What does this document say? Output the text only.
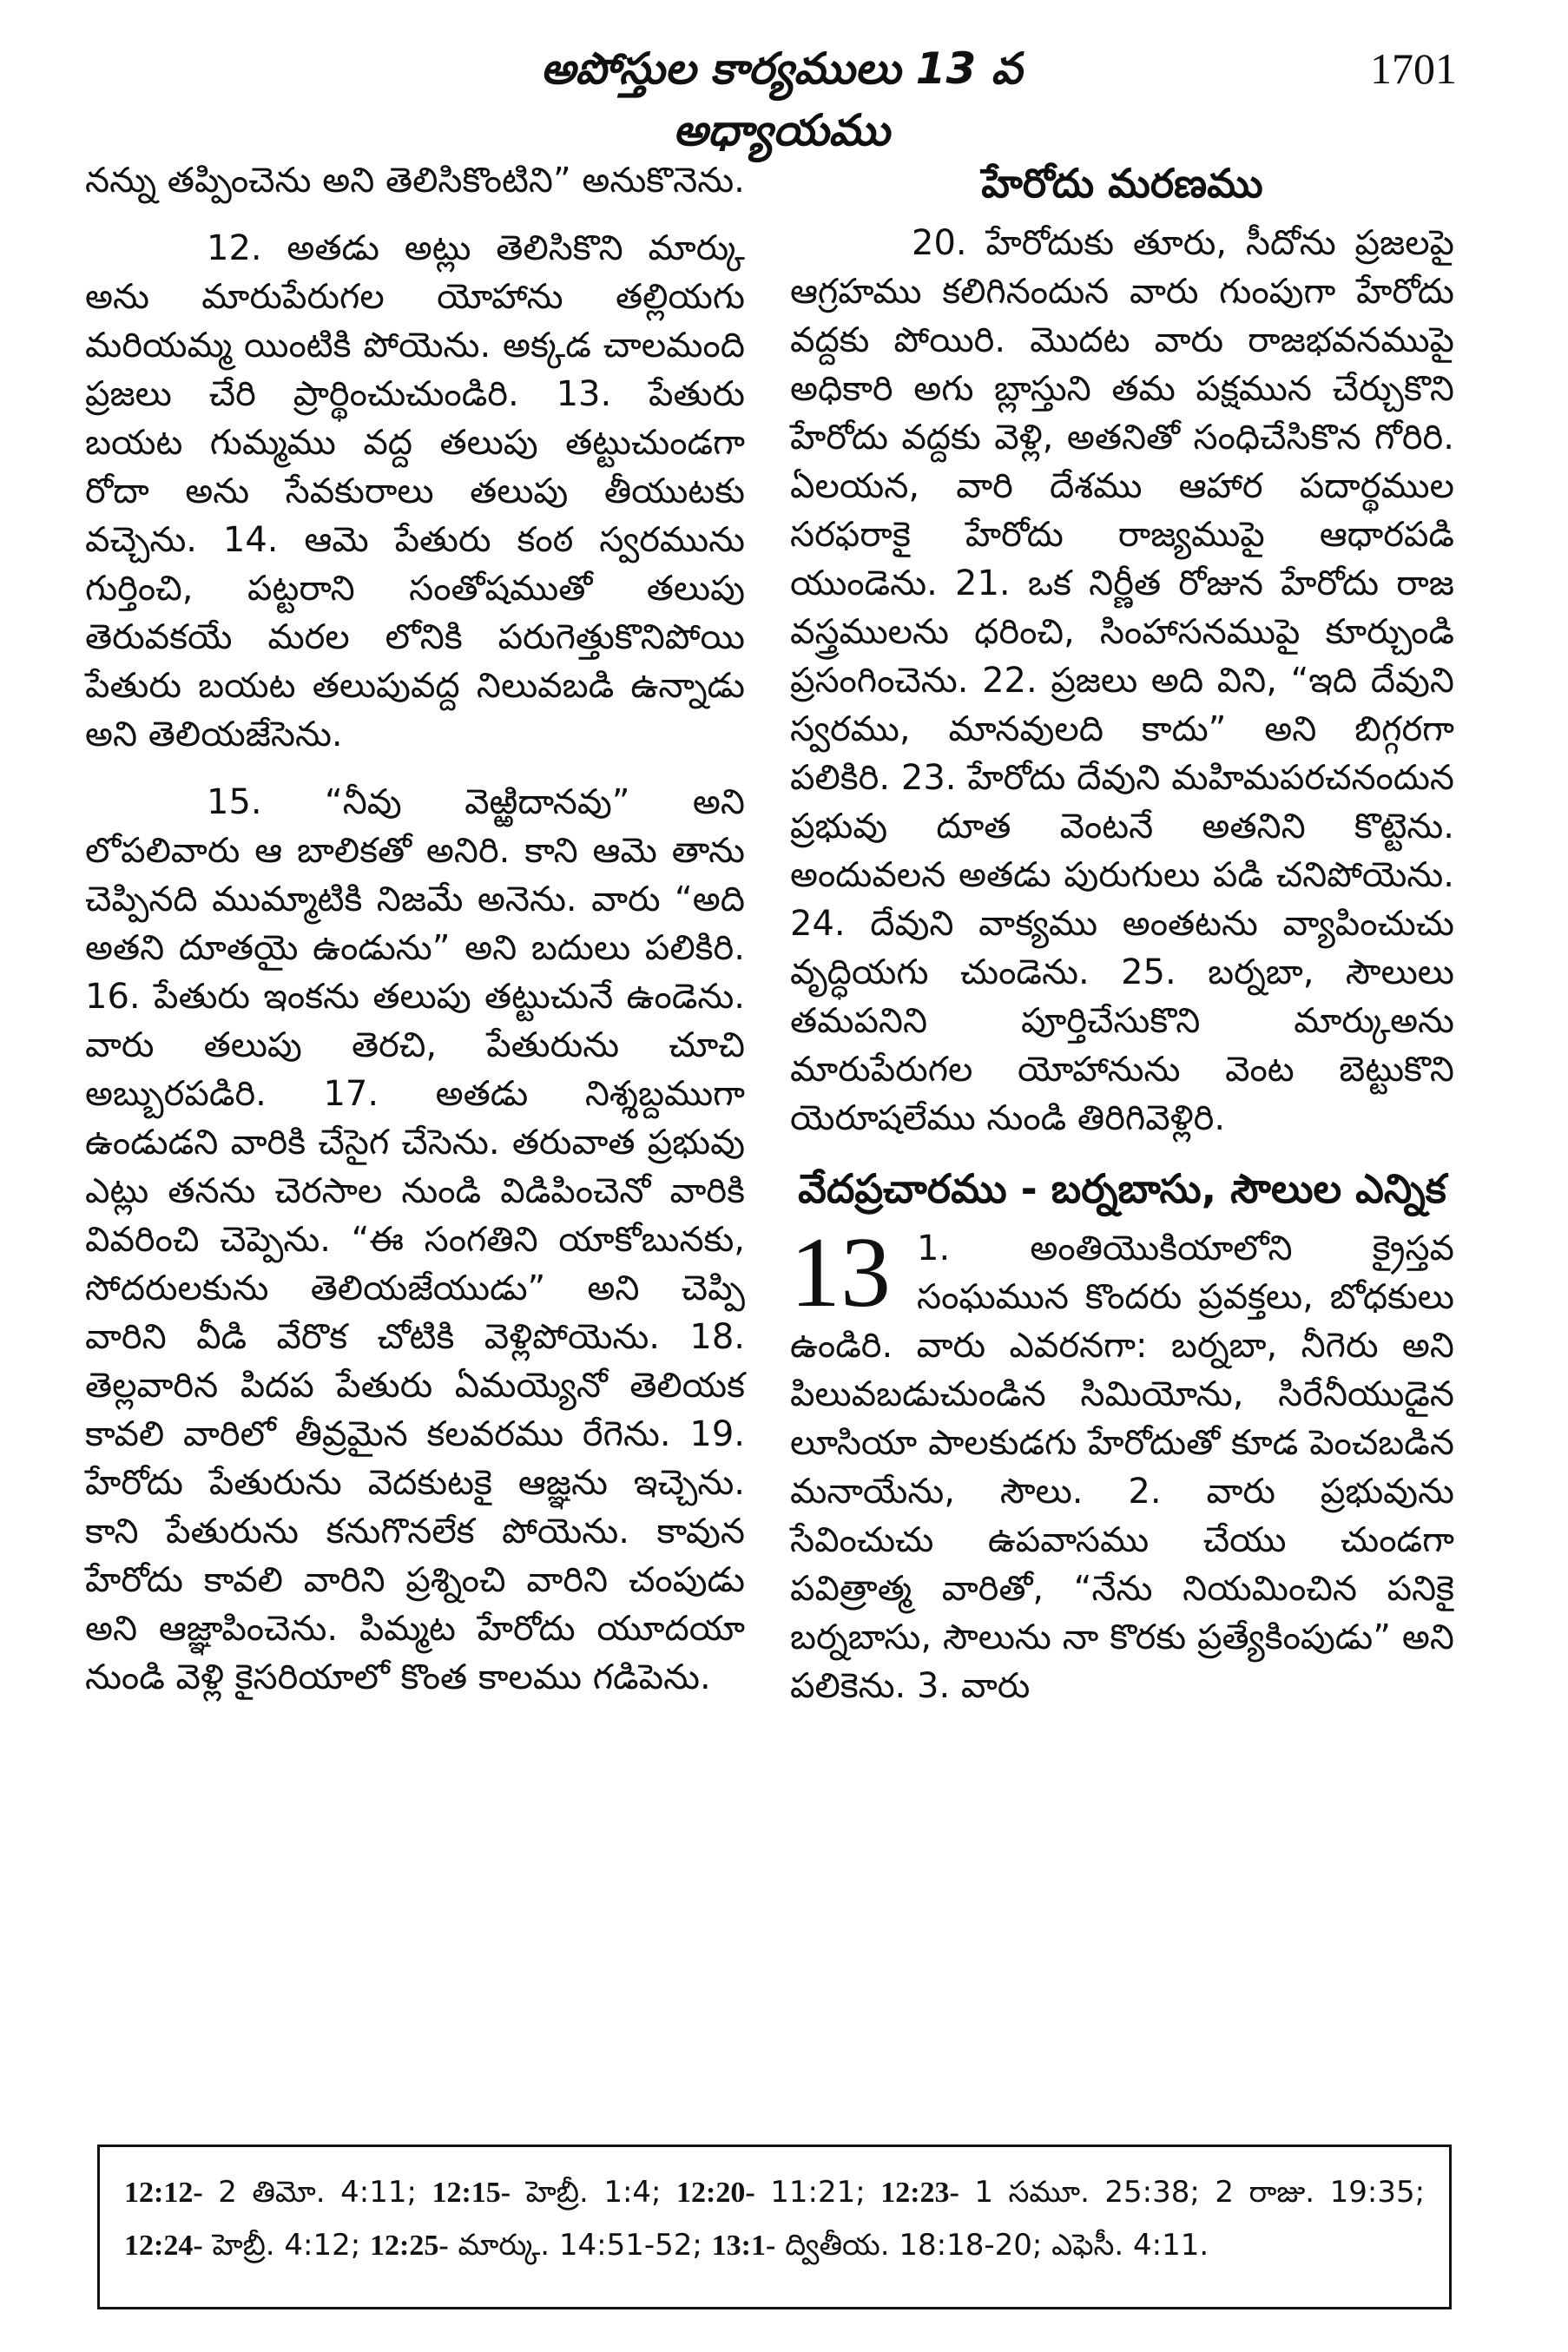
అపోస్తుల కార్యములు 13 వ అధ్యాయము
1701

నన్ను తప్పించెను అని తెలిసికొంటిని” అనుకొనెను.

12. అతడు అట్లు తెలిసికొని మార్కు అను మారుపేరుగల యోహాను తల్లియగు మరియమ్మ యింటికి పోయెను. అక్కడ చాలమంది ప్రజలు చేరి ప్రార్థించుచుండిరి. 13. పేతురు బయట గుమ్మము వద్ద తలుపు తట్టుచుండగా రోదా అను సేవకురాలు తలుపు తీయుటకు వచ్చెను. 14. ఆమె పేతురు కంఠ స్వరమును గుర్తించి, పట్టరాని సంతోషముతో తలుపు తెరువకయే మరల లోనికి పరుగెత్తుకొనిపోయి పేతురు బయట తలుపువద్ద నిలువబడి ఉన్నాడు అని తెలియజేసెను.

15. “నీవు వెఱ్ఱిదానవు” అని లోపలివారు ఆ బాలికతో అనిరి. కాని ఆమె తాను చెప్పినది ముమ్మాటికి నిజమే అనెను. వారు “అది అతని దూతయై ఉండును” అని బదులు పలికిరి. 16. పేతురు ఇంకను తలుపు తట్టుచునే ఉండెను. వారు తలుపు తెరచి, పేతురును చూచి అబ్బురపడిరి. 17. అతడు నిశ్శబ్దముగా ఉండుడని వారికి చేసైగ చేసెను. తరువాత ప్రభువు ఎట్లు తనను చెరసాల నుండి విడిపించెనో వారికి వివరించి చెప్పెను. “ఈ సంగతిని యాకోబునకు, సోదరులకును తెలియజేయుడు” అని చెప్పి వారిని వీడి వేరొక చోటికి వెళ్లిపోయెను. 18. తెల్లవారిన పిదప పేతురు ఏమయ్యెనో తెలియక కావలి వారిలో తీవ్రమైన కలవరము రేగెను. 19. హేరోదు పేతురును వెదకుటకై ఆజ్ఞను ఇచ్చెను. కాని పేతురును కనుగొనలేక పోయెను. కావున హేరోదు కావలి వారిని ప్రశ్నించి వారిని చంపుడు అని ఆజ్ఞాపించెను. పిమ్మట హేరోదు యూదయా నుండి వెళ్లి కైసరియాలో కొంత కాలము గడిపెను.

హేరోదు మరణము

20. హేరోదుకు తూరు, సీదోను ప్రజలపై ఆగ్రహము కలిగినందున వారు గుంపుగా హేరోదు వద్దకు పోయిరి. మొదట వారు రాజభవనముపై అధికారి అగు బ్లాస్తుని తమ పక్షమున చేర్చుకొని హేరోదు వద్దకు వెళ్లి, అతనితో సంధిచేసికొన గోరిరి. ఏలయన, వారి దేశము ఆహార పదార్థముల సరఫరాకై హేరోదు రాజ్యముపై ఆధారపడి యుండెను. 21. ఒక నిర్ణీత రోజున హేరోదు రాజ వస్త్రములను ధరించి, సింహాసనముపై కూర్చుండి ప్రసంగించెను. 22. ప్రజలు అది విని, “ఇది దేవుని స్వరము, మానవులది కాదు” అని బిగ్గరగా పలికిరి. 23. హేరోదు దేవుని మహిమపరచనందున ప్రభువు దూత వెంటనే అతనిని కొట్టెను. అందువలన అతడు పురుగులు పడి చనిపోయెను. 24. దేవుని వాక్యము అంతటను వ్యాపించుచు వృద్ధియగు చుండెను. 25. బర్నబా, సౌలులు తమపనిని పూర్తిచేసుకొని మార్కుఅను మారుపేరుగల యోహానును వెంట బెట్టుకొని యెరూషలేము నుండి తిరిగివెళ్లిరి.

వేదప్రచారము - బర్నబాసు, సౌలుల ఎన్నిక

13 1. అంతియొకియాలోని క్రైస్తవ సంఘమున కొందరు ప్రవక్తలు, బోధకులు ఉండిరి. వారు ఎవరనగా: బర్నబా, నీగెరు అని పిలువబడుచుండిన సిమియోను, సిరేనీయుడైన లూసియా పాలకుడగు హేరోదుతో కూడ పెంచబడిన మనాయేను, సౌలు. 2. వారు ప్రభువును సేవించుచు ఉపవాసము చేయు చుండగా పవిత్రాత్మ వారితో, “నేను నియమించిన పనికై బర్నబాసు, సౌలును నా కొరకు ప్రత్యేకింపుడు” అని పలికెను. 3. వారు

12:12- 2 తిమో. 4:11; 12:15- హెబ్రీ. 1:4; 12:20- 11:21; 12:23- 1 సమూ. 25:38; 2 రాజు. 19:35; 12:24- హెబ్రీ. 4:12; 12:25- మార్కు. 14:51-52; 13:1- ద్వితీయ. 18:18-20; ఎఫెసీ. 4:11.
